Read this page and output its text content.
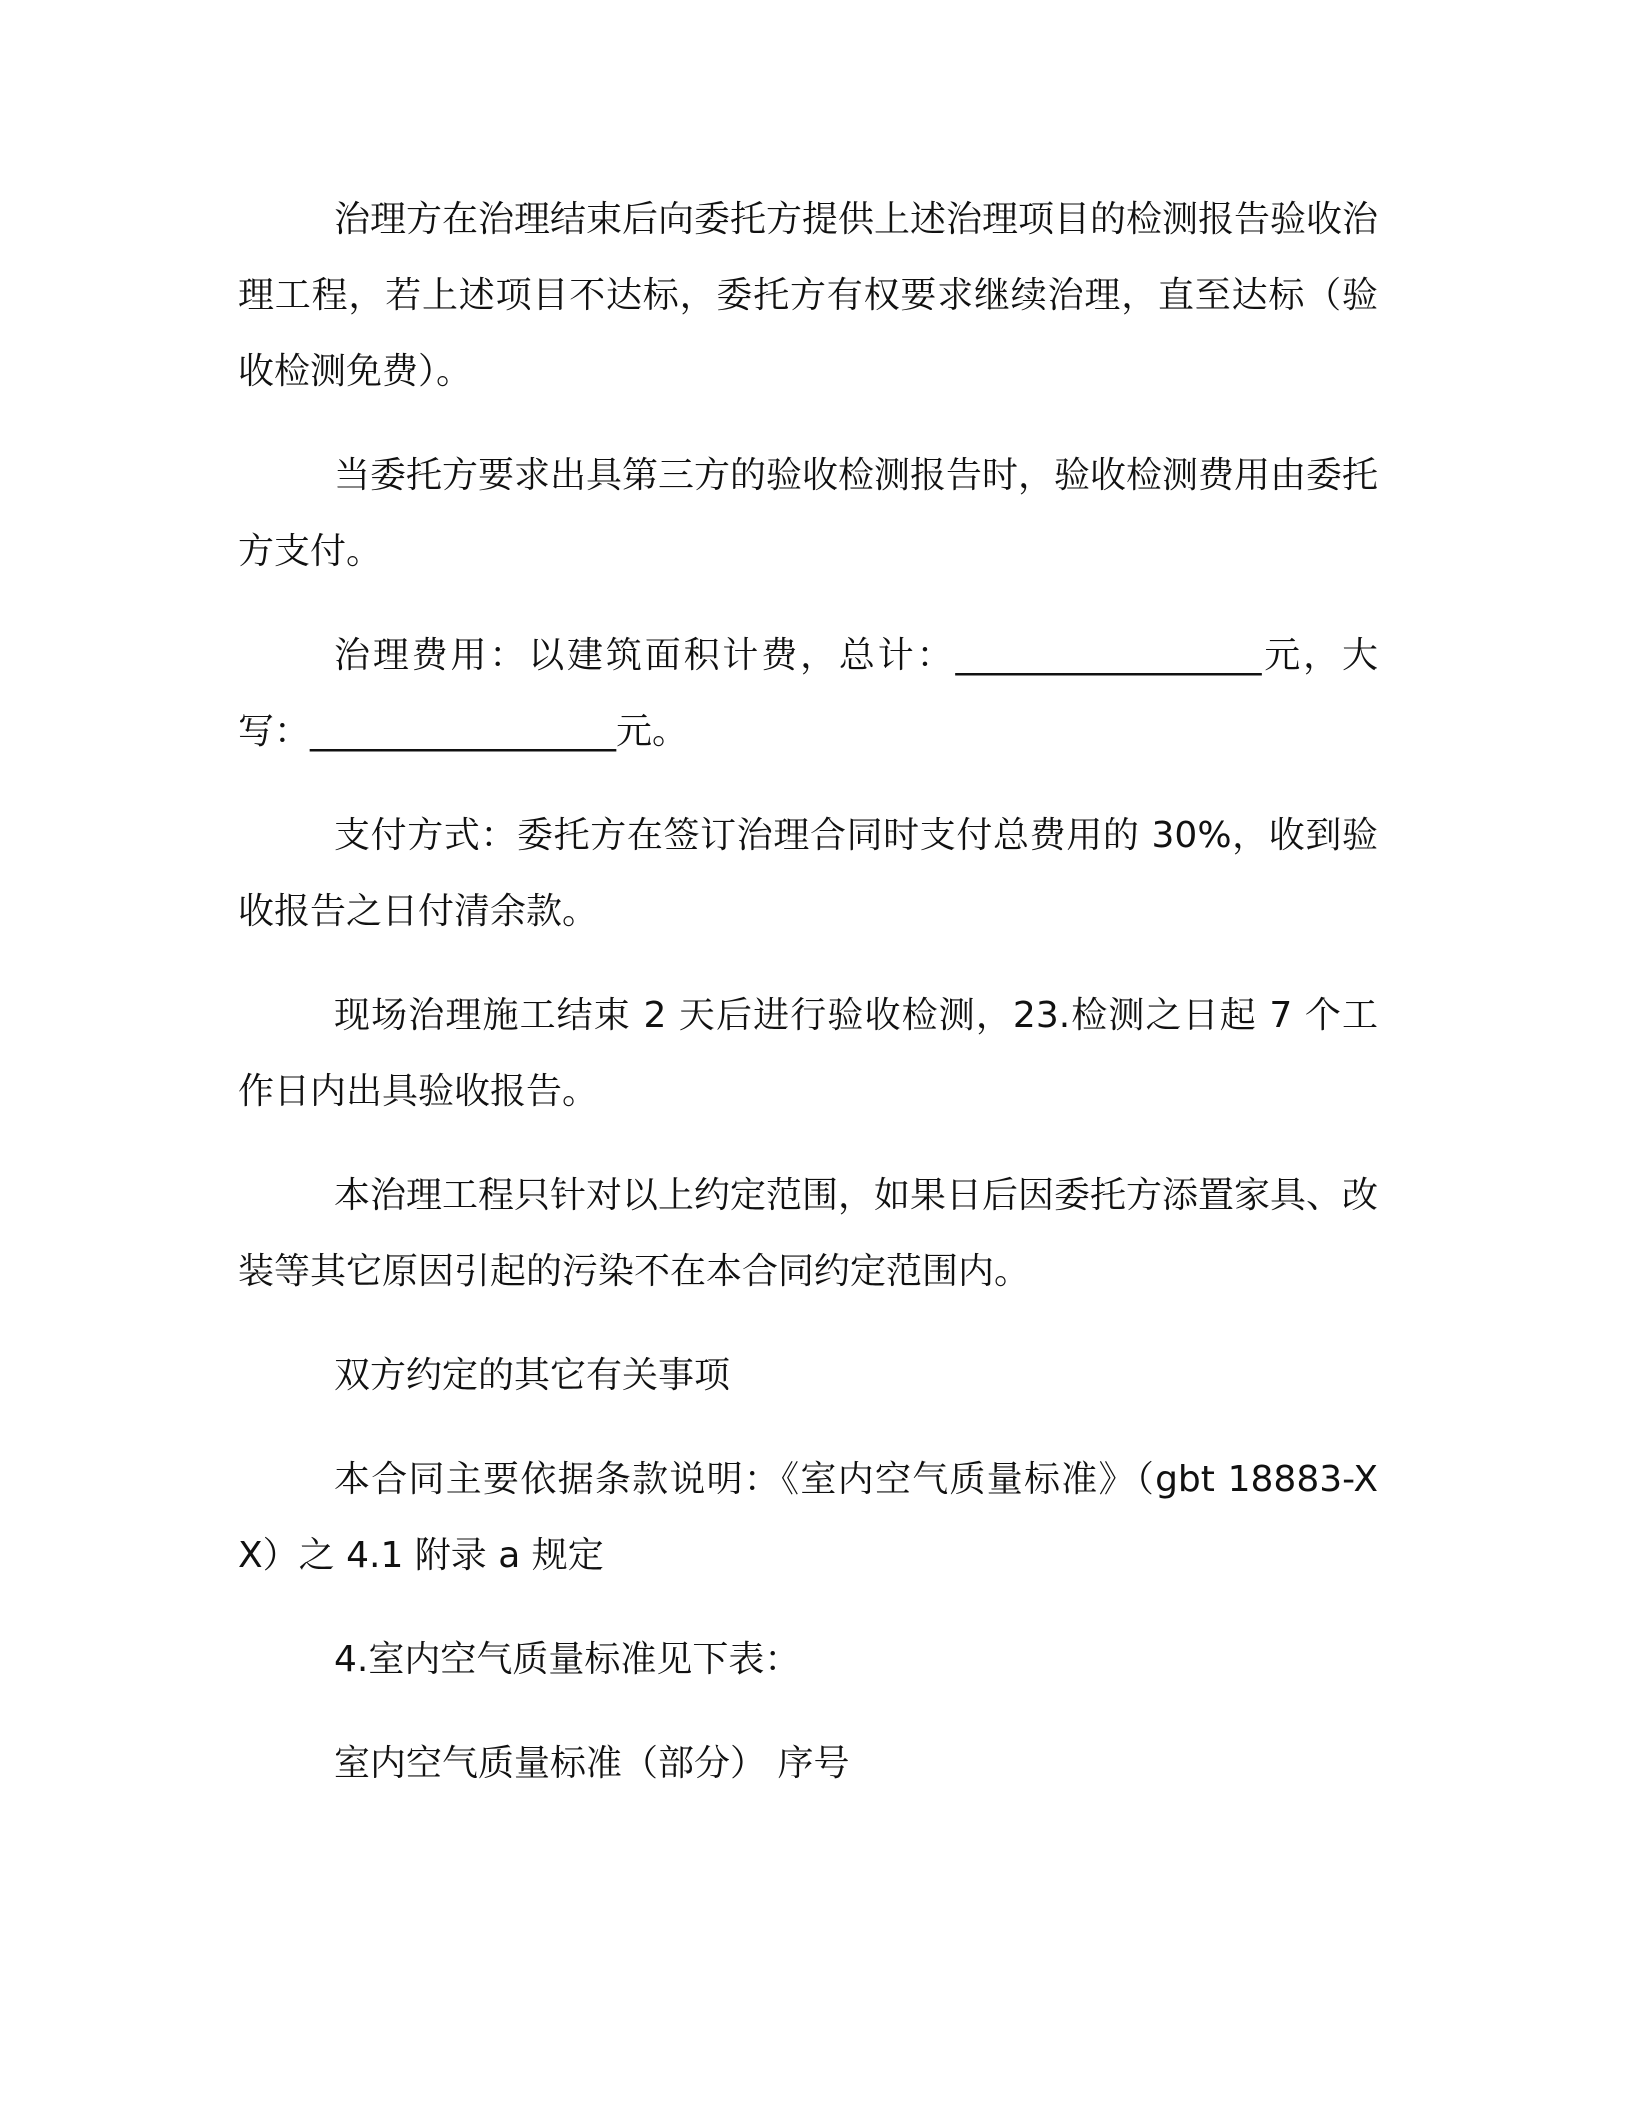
治理方在治理结束后向委托方提供上述治理项目的检测报告验收治理工程，若上述项目不达标，委托方有权要求继续治理，直至达标（验收检测免费）。

当委托方要求出具第三方的验收检测报告时，验收检测费用由委托方支付。

治理费用：以建筑面积计费，总计：_________________元，大写：_________________元。

支付方式：委托方在签订治理合同时支付总费用的 30%，收到验收报告之日付清余款。

现场治理施工结束 2 天后进行验收检测，23.检测之日起 7 个工作日内出具验收报告。

本治理工程只针对以上约定范围，如果日后因委托方添置家具、改装等其它原因引起的污染不在本合同约定范围内。

双方约定的其它有关事项

本合同主要依据条款说明：《室内空气质量标准》（gbt 18883-XX）之 4.1 附录 a 规定

4.室内空气质量标准见下表：

室内空气质量标准（部分） 序号
